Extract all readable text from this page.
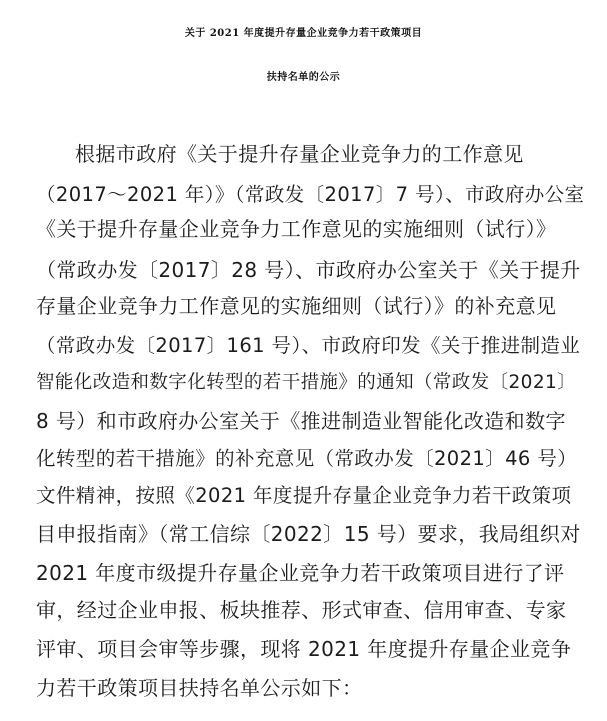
关于 2021 年度提升存量企业竞争力若干政策项目
扶持名单的公示
根据市政府《关于提升存量企业竞争力的工作意见
（2017～2021 年）》（常政发〔2017〕7 号）、市政府办公室
《关于提升存量企业竞争力工作意见的实施细则（试行）》
（常政办发〔2017〕28 号）、市政府办公室关于《关于提升
存量企业竞争力工作意见的实施细则（试行）》的补充意见
（常政办发〔2017〕161 号）、市政府印发《关于推进制造业
智能化改造和数字化转型的若干措施》的通知（常政发〔2021〕
8 号）和市政府办公室关于《推进制造业智能化改造和数字
化转型的若干措施》的补充意见（常政办发〔2021〕46 号）
文件精神，按照《2021 年度提升存量企业竞争力若干政策项
目申报指南》（常工信综〔2022〕15 号）要求，我局组织对
2021 年度市级提升存量企业竞争力若干政策项目进行了评
审，经过企业申报、板块推荐、形式审查、信用审查、专家
评审、项目会审等步骤，现将 2021 年度提升存量企业竞争
力若干政策项目扶持名单公示如下：
